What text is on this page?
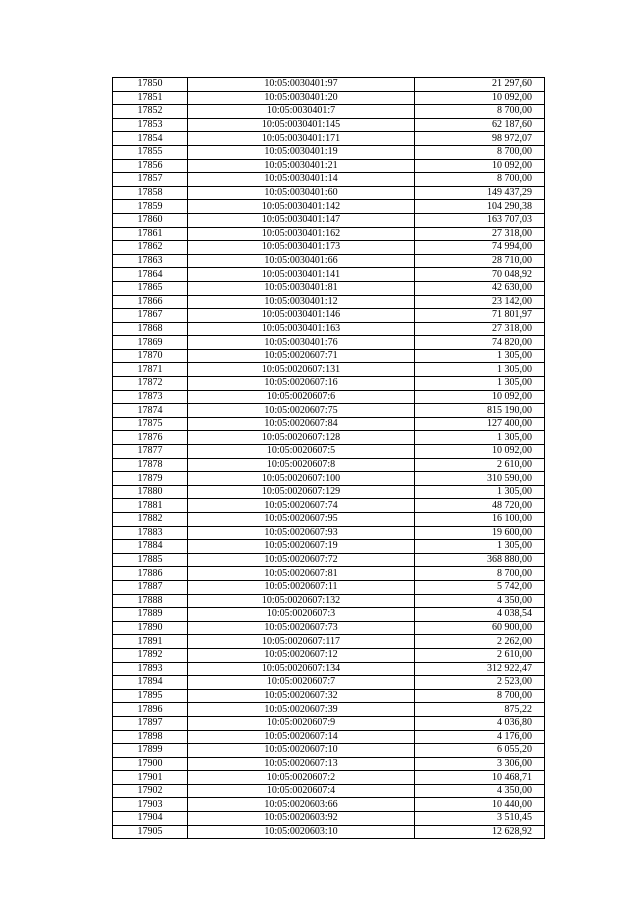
17850	10:05:0030401:97	21 297,60
17851	10:05:0030401:20	10 092,00
17852	10:05:0030401:7	8 700,00
17853	10:05:0030401:145	62 187,60
17854	10:05:0030401:171	98 972,07
17855	10:05:0030401:19	8 700,00
17856	10:05:0030401:21	10 092,00
17857	10:05:0030401:14	8 700,00
17858	10:05:0030401:60	149 437,29
17859	10:05:0030401:142	104 290,38
17860	10:05:0030401:147	163 707,03
17861	10:05:0030401:162	27 318,00
17862	10:05:0030401:173	74 994,00
17863	10:05:0030401:66	28 710,00
17864	10:05:0030401:141	70 048,92
17865	10:05:0030401:81	42 630,00
17866	10:05:0030401:12	23 142,00
17867	10:05:0030401:146	71 801,97
17868	10:05:0030401:163	27 318,00
17869	10:05:0030401:76	74 820,00
17870	10:05:0020607:71	1 305,00
17871	10:05:0020607:131	1 305,00
17872	10:05:0020607:16	1 305,00
17873	10:05:0020607:6	10 092,00
17874	10:05:0020607:75	815 190,00
17875	10:05:0020607:84	127 400,00
17876	10:05:0020607:128	1 305,00
17877	10:05:0020607:5	10 092,00
17878	10:05:0020607:8	2 610,00
17879	10:05:0020607:100	310 590,00
17880	10:05:0020607:129	1 305,00
17881	10:05:0020607:74	48 720,00
17882	10:05:0020607:95	16 100,00
17883	10:05:0020607:93	19 600,00
17884	10:05:0020607:19	1 305,00
17885	10:05:0020607:72	368 880,00
17886	10:05:0020607:81	8 700,00
17887	10:05:0020607:11	5 742,00
17888	10:05:0020607:132	4 350,00
17889	10:05:0020607:3	4 038,54
17890	10:05:0020607:73	60 900,00
17891	10:05:0020607:117	2 262,00
17892	10:05:0020607:12	2 610,00
17893	10:05:0020607:134	312 922,47
17894	10:05:0020607:7	2 523,00
17895	10:05:0020607:32	8 700,00
17896	10:05:0020607:39	875,22
17897	10:05:0020607:9	4 036,80
17898	10:05:0020607:14	4 176,00
17899	10:05:0020607:10	6 055,20
17900	10:05:0020607:13	3 306,00
17901	10:05:0020607:2	10 468,71
17902	10:05:0020607:4	4 350,00
17903	10:05:0020603:66	10 440,00
17904	10:05:0020603:92	3 510,45
17905	10:05:0020603:10	12 628,92
